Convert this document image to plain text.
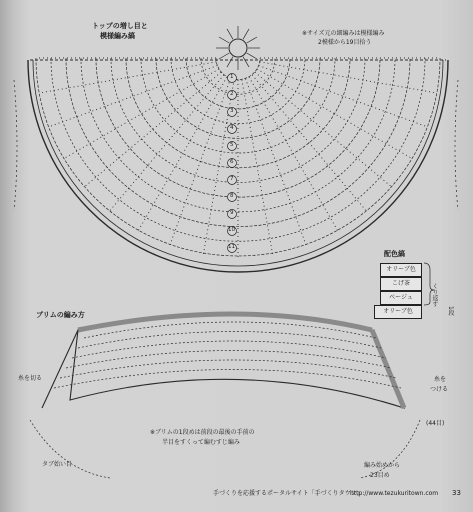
トップの増し目と
模様編み縞	※サイズ元の細編みは模様編み
2模様から19目拾う
配色縞
オリーブ色
こげ茶
ベージュ
オリーブ色
くり返す
1段
ブリムの編み方
糸を切る
タブ始い目
※ブリムの1段めは前段の最後の手前の
半目をすくって編むすじ編み
糸を
つける
(44目)
編み始めから
23目め
1
2
3
4
5
6
7
8
9
10
11
手づくりを応援するポータルサイト「手づくりタウン」
http://www.tezukuritown.com 33
